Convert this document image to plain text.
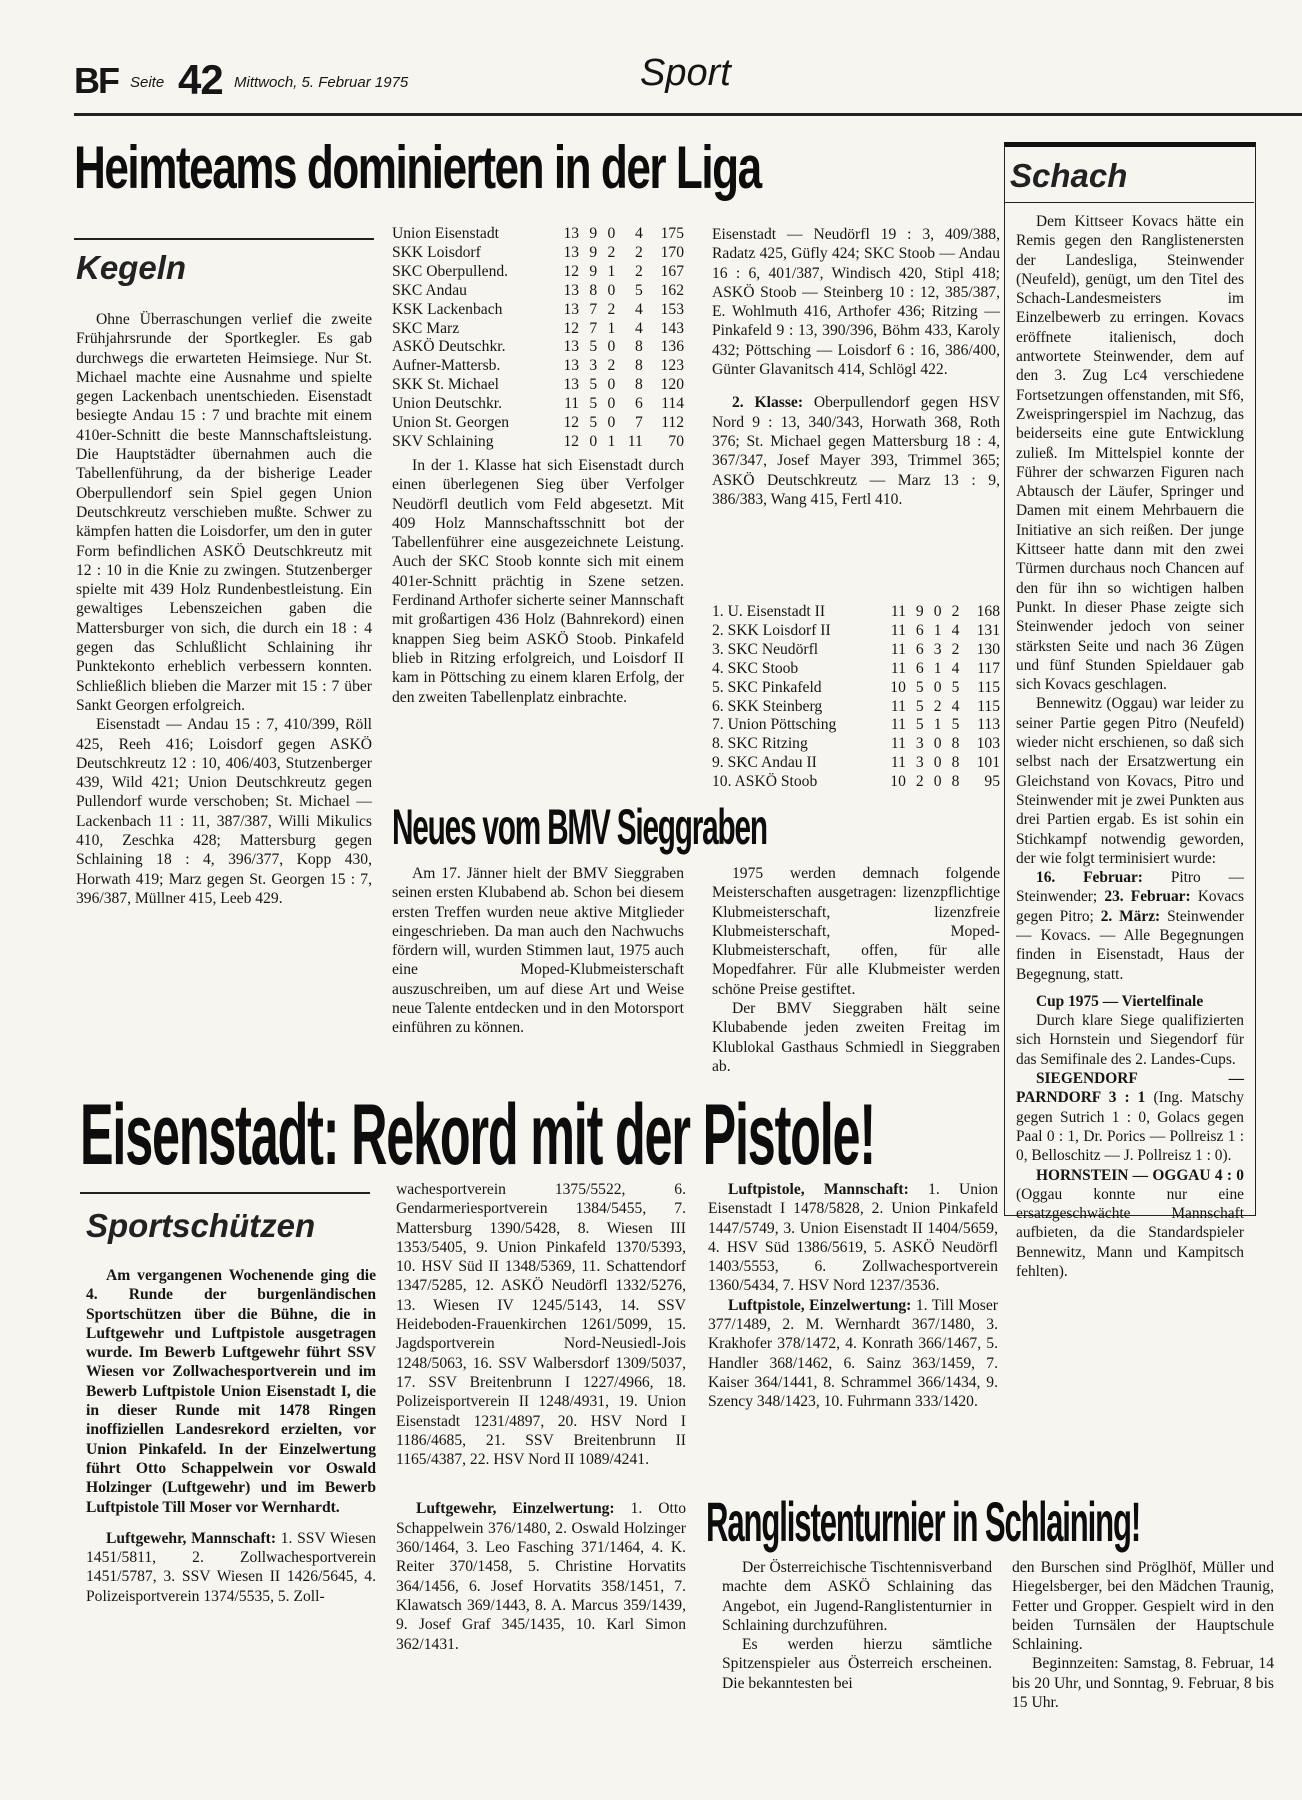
BF Seite 42 Mittwoch, 5. Februar 1975	Sport
Heimteams dominierten in der Liga
Kegeln

Ohne Überraschungen verlief die zweite Frühjahrsrunde der Sportkegler. Es gab durchwegs die erwarteten Heimsiege. Nur St. Michael machte eine Ausnahme und spielte gegen Lackenbach unentschieden. Eisenstadt besiegte Andau 15 : 7 und brachte mit einem 410er-Schnitt die beste Mannschaftsleistung. Die Hauptstädter übernahmen auch die Tabellenführung, da der bisherige Leader Oberpullendorf sein Spiel gegen Union Deutschkreutz verschieben mußte. Schwer zu kämpfen hatten die Loisdorfer, um den in guter Form befindlichen ASKÖ Deutschkreutz mit 12 : 10 in die Knie zu zwingen. Stutzenberger spielte mit 439 Holz Rundenbestleistung. Ein gewaltiges Lebenszeichen gaben die Mattersburger von sich, die durch ein 18 : 4 gegen das Schlußlicht Schlaining ihr Punktekonto erheblich verbessern konnten. Schließlich blieben die Marzer mit 15 : 7 über Sankt Georgen erfolgreich.

Eisenstadt — Andau 15 : 7, 410/399, Röll 425, Reeh 416; Loisdorf gegen ASKÖ Deutschkreutz 12 : 10, 406/403, Stutzenberger 439, Wild 421; Union Deutschkreutz gegen Pullendorf wurde verschoben; St. Michael — Lackenbach 11 : 11, 387/387, Willi Mikulics 410, Zeschka 428; Mattersburg gegen Schlaining 18 : 4, 396/377, Kopp 430, Horwath 419; Marz gegen St. Georgen 15 : 7, 396/387, Müllner 415, Leeb 429.

Union Eisenstadt	13	9	0	4	175
SKK Loisdorf	13	9	2	2	170
SKC Oberpullend.	12	9	1	2	167
SKC Andau	13	8	0	5	162
KSK Lackenbach	13	7	2	4	153
SKC Marz	12	7	1	4	143
ASKÖ Deutschkr.	13	5	0	8	136
Aufner-Mattersb.	13	3	2	8	123
SKK St. Michael	13	5	0	8	120
Union Deutschkr.	11	5	0	6	114
Union St. Georgen	12	5	0	7	112
SKV Schlaining	12	0	1	11	70

In der 1. Klasse hat sich Eisenstadt durch einen überlegenen Sieg über Verfolger Neudörfl deutlich vom Feld abgesetzt. Mit 409 Holz Mannschaftsschnitt bot der Tabellenführer eine ausgezeichnete Leistung. Auch der SKC Stoob konnte sich mit einem 401er-Schnitt prächtig in Szene setzen. Ferdinand Arthofer sicherte seiner Mannschaft mit großartigen 436 Holz (Bahnrekord) einen knappen Sieg beim ASKÖ Stoob. Pinkafeld blieb in Ritzing erfolgreich, und Loisdorf II kam in Pöttsching zu einem klaren Erfolg, der den zweiten Tabellenplatz einbrachte.

Eisenstadt — Neudörfl 19 : 3, 409/388, Radatz 425, Güfly 424; SKC Stoob — Andau 16 : 6, 401/387, Windisch 420, Stipl 418; ASKÖ Stoob — Steinberg 10 : 12, 385/387, E. Wohlmuth 416, Arthofer 436; Ritzing — Pinkafeld 9 : 13, 390/396, Böhm 433, Karoly 432; Pöttsching — Loisdorf 6 : 16, 386/400, Günter Glavanitsch 414, Schlögl 422.

2. Klasse: Oberpullendorf gegen HSV Nord 9 : 13, 340/343, Horwath 368, Roth 376; St. Michael gegen Mattersburg 18 : 4, 367/347, Josef Mayer 393, Trimmel 365; ASKÖ Deutschkreutz — Marz 13 : 9, 386/383, Wang 415, Fertl 410.

1. U. Eisenstadt II	11	9	0	2	168
2. SKK Loisdorf II	11	6	1	4	131
3. SKC Neudörfl	11	6	3	2	130
4. SKC Stoob	11	6	1	4	117
5. SKC Pinkafeld	10	5	0	5	115
6. SKK Steinberg	11	5	2	4	115
7. Union Pöttsching	11	5	1	5	113
8. SKC Ritzing	11	3	0	8	103
9. SKC Andau II	11	3	0	8	101
10. ASKÖ Stoob	10	2	0	8	95
Neues vom BMV Sieggraben

Am 17. Jänner hielt der BMV Sieggraben seinen ersten Klubabend ab. Schon bei diesem ersten Treffen wurden neue aktive Mitglieder eingeschrieben. Da man auch den Nachwuchs fördern will, wurden Stimmen laut, 1975 auch eine Moped-Klubmeisterschaft auszuschreiben, um auf diese Art und Weise neue Talente entdecken und in den Motorsport einführen zu können.

1975 werden demnach folgende Meisterschaften ausgetragen: lizenzpflichtige Klubmeisterschaft, lizenzfreie Klubmeisterschaft, Moped-Klubmeisterschaft, offen, für alle Mopedfahrer. Für alle Klubmeister werden schöne Preise gestiftet.

Der BMV Sieggraben hält seine Klubabende jeden zweiten Freitag im Klublokal Gasthaus Schmiedl in Sieggraben ab.

Schach

Dem Kittseer Kovacs hätte ein Remis gegen den Ranglistenersten der Landesliga, Steinwender (Neufeld), genügt, um den Titel des Schach-Landesmeisters im Einzelbewerb zu erringen. Kovacs eröffnete italienisch, doch antwortete Steinwender, dem auf den 3. Zug Lc4 verschiedene Fortsetzungen offenstanden, mit Sf6, Zweispringerspiel im Nachzug, das beiderseits eine gute Entwicklung zuließ. Im Mittelspiel konnte der Führer der schwarzen Figuren nach Abtausch der Läufer, Springer und Damen mit einem Mehrbauern die Initiative an sich reißen. Der junge Kittseer hatte dann mit den zwei Türmen durchaus noch Chancen auf den für ihn so wichtigen halben Punkt. In dieser Phase zeigte sich Steinwender jedoch von seiner stärksten Seite und nach 36 Zügen und fünf Stunden Spieldauer gab sich Kovacs geschlagen.

Bennewitz (Oggau) war leider zu seiner Partie gegen Pitro (Neufeld) wieder nicht erschienen, so daß sich selbst nach der Ersatzwertung ein Gleichstand von Kovacs, Pitro und Steinwender mit je zwei Punkten aus drei Partien ergab. Es ist sohin ein Stichkampf notwendig geworden, der wie folgt terminisiert wurde:

16. Februar: Pitro — Steinwender; 23. Februar: Kovacs gegen Pitro; 2. März: Steinwender — Kovacs. — Alle Begegnungen finden in Eisenstadt, Haus der Begegnung, statt.

Cup 1975 — Viertelfinale

Durch klare Siege qualifizierten sich Hornstein und Siegendorf für das Semifinale des 2. Landes-Cups.

SIEGENDORF — PARNDORF 3 : 1 (Ing. Matschy gegen Sutrich 1 : 0, Golacs gegen Paal 0 : 1, Dr. Porics — Pollreisz 1 : 0, Belloschitz — J. Pollreisz 1 : 0).

HORNSTEIN — OGGAU 4 : 0 (Oggau konnte nur eine ersatzgeschwächte Mannschaft aufbieten, da die Standardspieler Bennewitz, Mann und Kampitsch fehlten).

Eisenstadt: Rekord mit der Pistole!
Sportschützen

Am vergangenen Wochenende ging die 4. Runde der burgenländischen Sportschützen über die Bühne, die in Luftgewehr und Luftpistole ausgetragen wurde. Im Bewerb Luftgewehr führt SSV Wiesen vor Zollwachesportverein und im Bewerb Luftpistole Union Eisenstadt I, die in dieser Runde mit 1478 Ringen inoffiziellen Landesrekord erzielten, vor Union Pinkafeld. In der Einzelwertung führt Otto Schappelwein vor Oswald Holzinger (Luftgewehr) und im Bewerb Luftpistole Till Moser vor Wernhardt.

Luftgewehr, Mannschaft: 1. SSV Wiesen 1451/5811, 2. Zollwachesportverein 1451/5787, 3. SSV Wiesen II 1426/5645, 4. Polizeisportverein 1374/5535, 5. Zoll-

wachesportverein 1375/5522, 6. Gendarmeriesportverein 1384/5455, 7. Mattersburg 1390/5428, 8. Wiesen III 1353/5405, 9. Union Pinkafeld 1370/5393, 10. HSV Süd II 1348/5369, 11. Schattendorf 1347/5285, 12. ASKÖ Neudörfl 1332/5276, 13. Wiesen IV 1245/5143, 14. SSV Heideboden-Frauenkirchen 1261/5099, 15. Jagdsportverein Nord-Neusiedl-Jois 1248/5063, 16. SSV Walbersdorf 1309/5037, 17. SSV Breitenbrunn I 1227/4966, 18. Polizeisportverein II 1248/4931, 19. Union Eisenstadt 1231/4897, 20. HSV Nord I 1186/4685, 21. SSV Breitenbrunn II 1165/4387, 22. HSV Nord II 1089/4241.

Luftgewehr, Einzelwertung: 1. Otto Schappelwein 376/1480, 2. Oswald Holzinger 360/1464, 3. Leo Fasching 371/1464, 4. K. Reiter 370/1458, 5. Christine Horvatits 364/1456, 6. Josef Horvatits 358/1451, 7. Klawatsch 369/1443, 8. A. Marcus 359/1439, 9. Josef Graf 345/1435, 10. Karl Simon 362/1431.

Luftpistole, Mannschaft: 1. Union Eisenstadt I 1478/5828, 2. Union Pinkafeld 1447/5749, 3. Union Eisenstadt II 1404/5659, 4. HSV Süd 1386/5619, 5. ASKÖ Neudörfl 1403/5553, 6. Zollwachesportverein 1360/5434, 7. HSV Nord 1237/3536.

Luftpistole, Einzelwertung: 1. Till Moser 377/1489, 2. M. Wernhardt 367/1480, 3. Krakhofer 378/1472, 4. Konrath 366/1467, 5. Handler 368/1462, 6. Sainz 363/1459, 7. Kaiser 364/1441, 8. Schrammel 366/1434, 9. Szency 348/1423, 10. Fuhrmann 333/1420.

Ranglistenturnier in Schlaining!

Der Österreichische Tischtennisverband machte dem ASKÖ Schlaining das Angebot, ein Jugend-Ranglistenturnier in Schlaining durchzuführen.

Es werden hierzu sämtliche Spitzenspieler aus Österreich erscheinen. Die bekanntesten bei

den Burschen sind Pröglhöf, Müller und Hiegelsberger, bei den Mädchen Traunig, Fetter und Gropper. Gespielt wird in den beiden Turnsälen der Hauptschule Schlaining.

Beginnzeiten: Samstag, 8. Februar, 14 bis 20 Uhr, und Sonntag, 9. Februar, 8 bis 15 Uhr.
